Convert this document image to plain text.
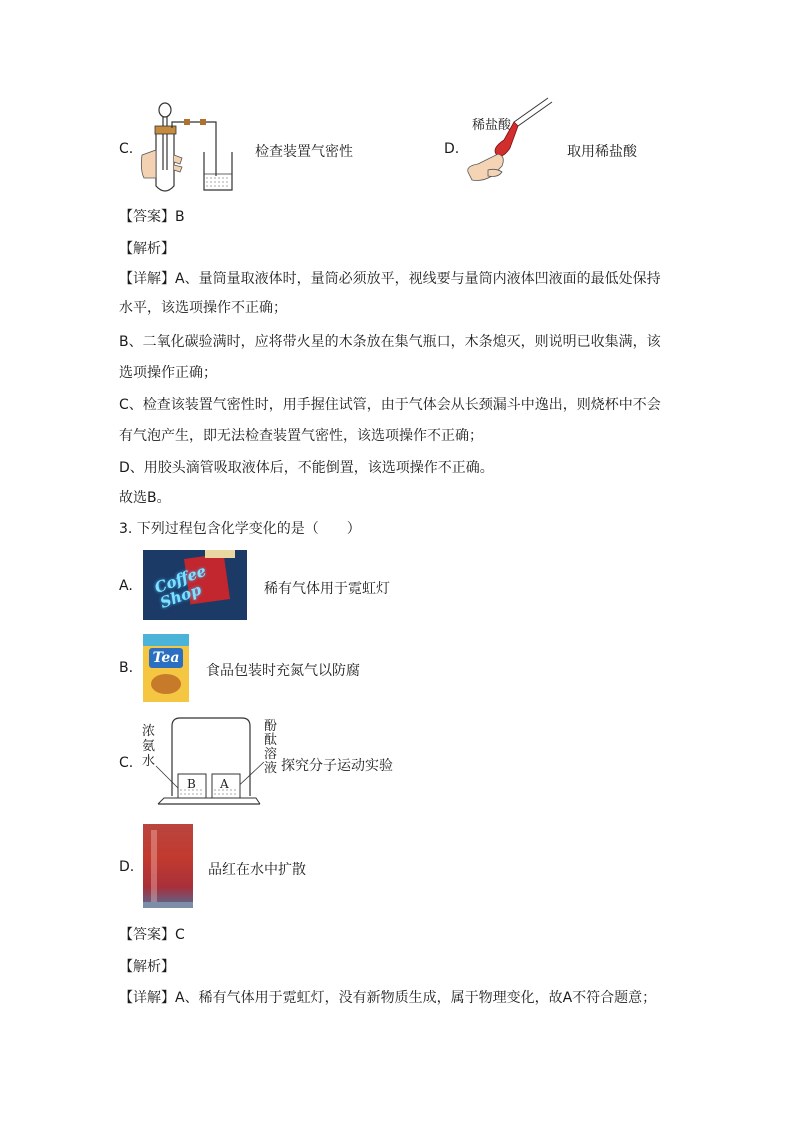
C.	检查装置气密性	D.
稀盐酸
取用稀盐酸
【答案】B
【解析】
【详解】A、量筒量取液体时，量筒必须放平，视线要与量筒内液体凹液面的最低处保持
水平，该选项操作不正确；
B、二氧化碳验满时，应将带火星的木条放在集气瓶口，木条熄灭，则说明已收集满，该
选项操作正确；
C、检查该装置气密性时，用手握住试管，由于气体会从长颈漏斗中逸出，则烧杯中不会
有气泡产生，即无法检查装置气密性，该选项操作不正确；
D、用胶头滴管吸取液体后，不能倒置，该选项操作不正确。
故选B。
3. 下列过程包含化学变化的是（　　）
A. Coffee Shop	稀有气体用于霓虹灯
B.
Tea
食品包装时充氮气以防腐
C.
浓氨水
酚酞溶液
B A
探究分子运动实验
D.	品红在水中扩散
【答案】C
【解析】
【详解】A、稀有气体用于霓虹灯，没有新物质生成，属于物理变化，故A不符合题意；
